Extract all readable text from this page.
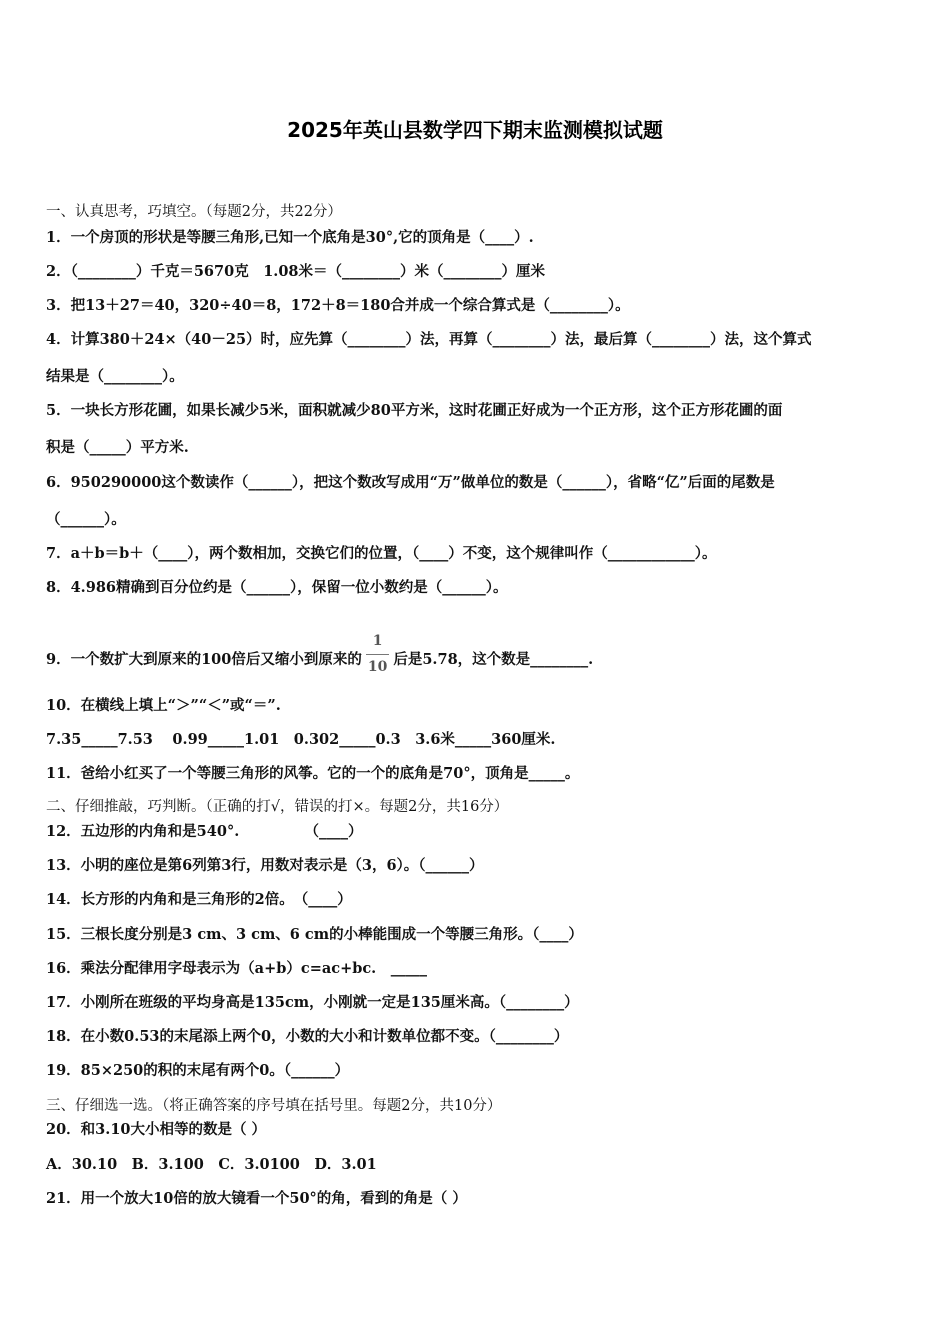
2025年英山县数学四下期末监测模拟试题
一、认真思考，巧填空。（每题2分，共22分）
1．一个房顶的形状是等腰三角形,已知一个底角是30°,它的顶角是（____）.
2．（________）千克＝5670克　1.08米＝（________）米（________）厘米
3．把13＋27＝40，320÷40＝8，172＋8＝180合并成一个综合算式是（________）。
4．计算380＋24×（40－25）时，应先算（________）法，再算（________）法，最后算（________）法，这个算式
结果是（________）。
5．一块长方形花圃，如果长减少5米，面积就减少80平方米，这时花圃正好成为一个正方形，这个正方形花圃的面
积是（_____）平方米.
6．950290000这个数读作（______），把这个数改写成用“万”做单位的数是（______），省略“亿”后面的尾数是
（______）。
7．a＋b＝b＋（____），两个数相加，交换它们的位置，（____）不变，这个规律叫作（____________）。
8．4.986精确到百分位约是（______），保留一位小数约是（______）。
9．一个数扩大到原来的100倍后又缩小到原来的 $\frac{1}{10}$ 后是5.78，这个数是________.
10．在横线上填上“＞”“＜”或“＝”.
7.35_____7.53　 0.99_____1.01　0.302_____0.3　3.6米_____360厘米.
11．爸给小红买了一个等腰三角形的风筝。它的一个的底角是70°，顶角是_____。
二、仔细推敲，巧判断。（正确的打√，错误的打×。每题2分，共16分）
12．五边形的内角和是540°.　　　　　（____）
13．小明的座位是第6列第3行，用数对表示是（3，6）。（______）
14．长方形的内角和是三角形的2倍。　（____）
15．三根长度分别是3 cm、3 cm、6 cm的小棒能围成一个等腰三角形。（____）
16．乘法分配律用字母表示为（a+b）c=ac+bc.　_____
17．小刚所在班级的平均身高是135cm，小刚就一定是135厘米高。（________）
18．在小数0.53的末尾添上两个0，小数的大小和计数单位都不变。（________）
19．85×250的积的末尾有两个0。（______）
三、仔细选一选。（将正确答案的序号填在括号里。每题2分，共10分）
20．和3.10大小相等的数是（ ）
A．30.10　B．3.100　C．3.0100　D．3.01
21．用一个放大10倍的放大镜看一个50°的角，看到的角是（ ）
